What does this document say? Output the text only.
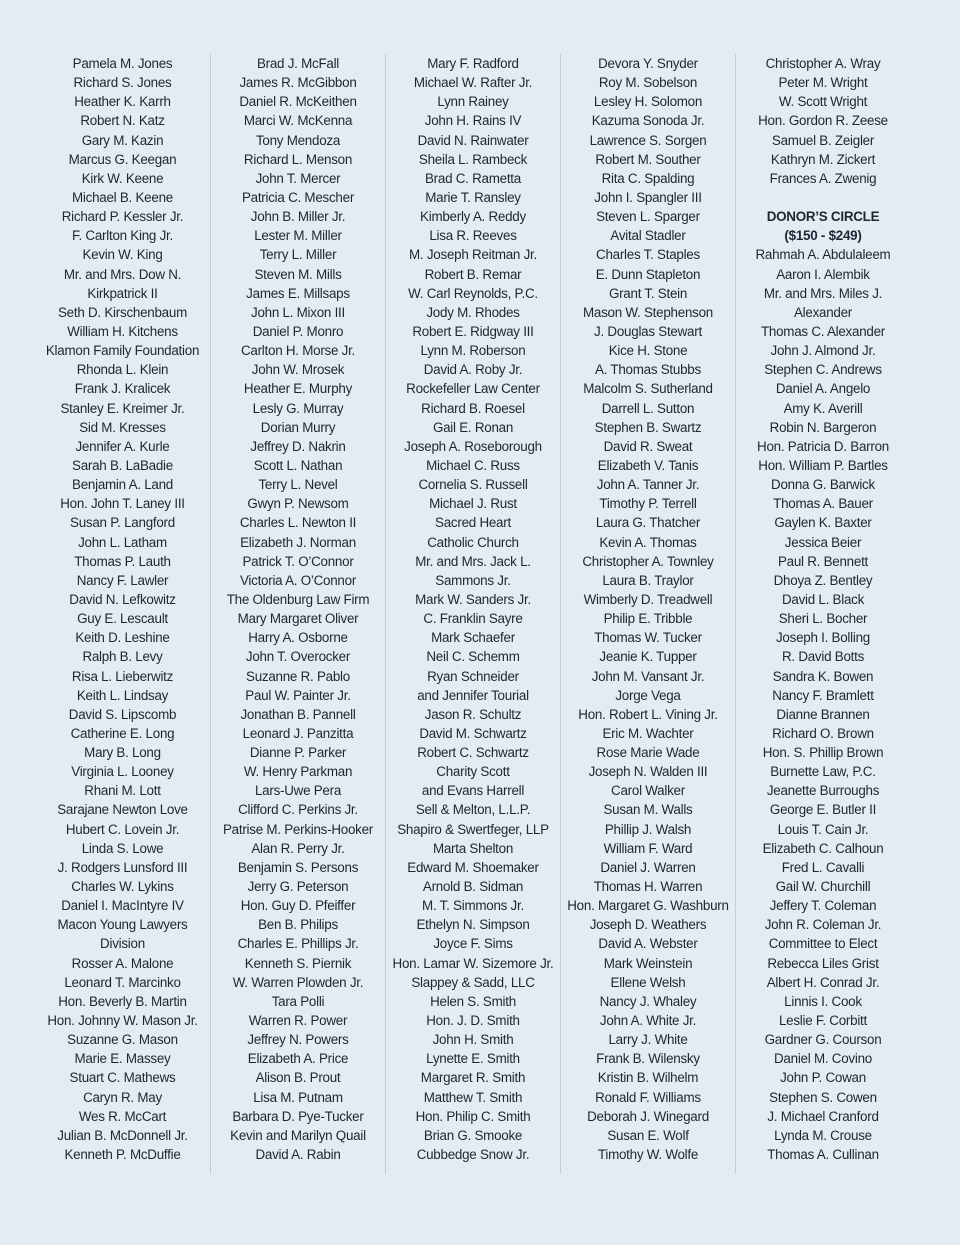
Pamela M. Jones
Richard S. Jones
Heather K. Karrh
Robert N. Katz
Gary M. Kazin
Marcus G. Keegan
Kirk W. Keene
Michael B. Keene
Richard P. Kessler Jr.
F. Carlton King Jr.
Kevin W. King
Mr. and Mrs. Dow N.
Kirkpatrick II
Seth D. Kirschenbaum
William H. Kitchens
Klamon Family Foundation
Rhonda L. Klein
Frank J. Kralicek
Stanley E. Kreimer Jr.
Sid M. Kresses
Jennifer A. Kurle
Sarah B. LaBadie
Benjamin A. Land
Hon. John T. Laney III
Susan P. Langford
John L. Latham
Thomas P. Lauth
Nancy F. Lawler
David N. Lefkowitz
Guy E. Lescault
Keith D. Leshine
Ralph B. Levy
Risa L. Lieberwitz
Keith L. Lindsay
David S. Lipscomb
Catherine E. Long
Mary B. Long
Virginia L. Looney
Rhani M. Lott
Sarajane Newton Love
Hubert C. Lovein Jr.
Linda S. Lowe
J. Rodgers Lunsford III
Charles W. Lykins
Daniel I. MacIntyre IV
Macon Young Lawyers
Division
Rosser A. Malone
Leonard T. Marcinko
Hon. Beverly B. Martin
Hon. Johnny W. Mason Jr.
Suzanne G. Mason
Marie E. Massey
Stuart C. Mathews
Caryn R. May
Wes R. McCart
Julian B. McDonnell Jr.
Kenneth P. McDuffie
Brad J. McFall
James R. McGibbon
Daniel R. McKeithen
Marci W. McKenna
Tony Mendoza
Richard L. Menson
John T. Mercer
Patricia C. Mescher
John B. Miller Jr.
Lester M. Miller
Terry L. Miller
Steven M. Mills
James E. Millsaps
John L. Mixon III
Daniel P. Monro
Carlton H. Morse Jr.
John W. Mrosek
Heather E. Murphy
Lesly G. Murray
Dorian Murry
Jeffrey D. Nakrin
Scott L. Nathan
Terry L. Nevel
Gwyn P. Newsom
Charles L. Newton II
Elizabeth J. Norman
Patrick T. O’Connor
Victoria A. O’Connor
The Oldenburg Law Firm
Mary Margaret Oliver
Harry A. Osborne
John T. Overocker
Suzanne R. Pablo
Paul W. Painter Jr.
Jonathan B. Pannell
Leonard J. Panzitta
Dianne P. Parker
W. Henry Parkman
Lars-Uwe Pera
Clifford C. Perkins Jr.
Patrise M. Perkins-Hooker
Alan R. Perry Jr.
Benjamin S. Persons
Jerry G. Peterson
Hon. Guy D. Pfeiffer
Ben B. Philips
Charles E. Phillips Jr.
Kenneth S. Piernik
W. Warren Plowden Jr.
Tara Polli
Warren R. Power
Jeffrey N. Powers
Elizabeth A. Price
Alison B. Prout
Lisa M. Putnam
Barbara D. Pye-Tucker
Kevin and Marilyn Quail
David A. Rabin
Mary F. Radford
Michael W. Rafter Jr.
Lynn Rainey
John H. Rains IV
David N. Rainwater
Sheila L. Rambeck
Brad C. Rametta
Marie T. Ransley
Kimberly A. Reddy
Lisa R. Reeves
M. Joseph Reitman Jr.
Robert B. Remar
W. Carl Reynolds, P.C.
Jody M. Rhodes
Robert E. Ridgway III
Lynn M. Roberson
David A. Roby Jr.
Rockefeller Law Center
Richard B. Roesel
Gail E. Ronan
Joseph A. Roseborough
Michael C. Russ
Cornelia S. Russell
Michael J. Rust
Sacred Heart
Catholic Church
Mr. and Mrs. Jack L.
Sammons Jr.
Mark W. Sanders Jr.
C. Franklin Sayre
Mark Schaefer
Neil C. Schemm
Ryan Schneider
and Jennifer Tourial
Jason R. Schultz
David M. Schwartz
Robert C. Schwartz
Charity Scott
and Evans Harrell
Sell & Melton, L.L.P.
Shapiro & Swertfeger, LLP
Marta Shelton
Edward M. Shoemaker
Arnold B. Sidman
M. T. Simmons Jr.
Ethelyn N. Simpson
Joyce F. Sims
Hon. Lamar W. Sizemore Jr.
Slappey & Sadd, LLC
Helen S. Smith
Hon. J. D. Smith
John H. Smith
Lynette E. Smith
Margaret R. Smith
Matthew T. Smith
Hon. Philip C. Smith
Brian G. Smooke
Cubbedge Snow Jr.
Devora Y. Snyder
Roy M. Sobelson
Lesley H. Solomon
Kazuma Sonoda Jr.
Lawrence S. Sorgen
Robert M. Souther
Rita C. Spalding
John I. Spangler III
Steven L. Sparger
Avital Stadler
Charles T. Staples
E. Dunn Stapleton
Grant T. Stein
Mason W. Stephenson
J. Douglas Stewart
Kice H. Stone
A. Thomas Stubbs
Malcolm S. Sutherland
Darrell L. Sutton
Stephen B. Swartz
David R. Sweat
Elizabeth V. Tanis
John A. Tanner Jr.
Timothy P. Terrell
Laura G. Thatcher
Kevin A. Thomas
Christopher A. Townley
Laura B. Traylor
Wimberly D. Treadwell
Philip E. Tribble
Thomas W. Tucker
Jeanie K. Tupper
John M. Vansant Jr.
Jorge Vega
Hon. Robert L. Vining Jr.
Eric M. Wachter
Rose Marie Wade
Joseph N. Walden III
Carol Walker
Susan M. Walls
Phillip J. Walsh
William F. Ward
Daniel J. Warren
Thomas H. Warren
Hon. Margaret G. Washburn
Joseph D. Weathers
David A. Webster
Mark Weinstein
Ellene Welsh
Nancy J. Whaley
John A. White Jr.
Larry J. White
Frank B. Wilensky
Kristin B. Wilhelm
Ronald F. Williams
Deborah J. Winegard
Susan E. Wolf
Timothy W. Wolfe
Christopher A. Wray
Peter M. Wright
W. Scott Wright
Hon. Gordon R. Zeese
Samuel B. Zeigler
Kathryn M. Zickert
Frances A. Zwenig
DONOR’S CIRCLE
($150 - $249)
Rahmah A. Abdulaleem
Aaron I. Alembik
Mr. and Mrs. Miles J.
Alexander
Thomas C. Alexander
John J. Almond Jr.
Stephen C. Andrews
Daniel A. Angelo
Amy K. Averill
Robin N. Bargeron
Hon. Patricia D. Barron
Hon. William P. Bartles
Donna G. Barwick
Thomas A. Bauer
Gaylen K. Baxter
Jessica Beier
Paul R. Bennett
Dhoya Z. Bentley
David L. Black
Sheri L. Bocher
Joseph I. Bolling
R. David Botts
Sandra K. Bowen
Nancy F. Bramlett
Dianne Brannen
Richard O. Brown
Hon. S. Phillip Brown
Burnette Law, P.C.
Jeanette Burroughs
George E. Butler II
Louis T. Cain Jr.
Elizabeth C. Calhoun
Fred L. Cavalli
Gail W. Churchill
Jeffery T. Coleman
John R. Coleman Jr.
Committee to Elect
Rebecca Liles Grist
Albert H. Conrad Jr.
Linnis I. Cook
Leslie F. Corbitt
Gardner G. Courson
Daniel M. Covino
John P. Cowan
Stephen S. Cowen
J. Michael Cranford
Lynda M. Crouse
Thomas A. Cullinan
